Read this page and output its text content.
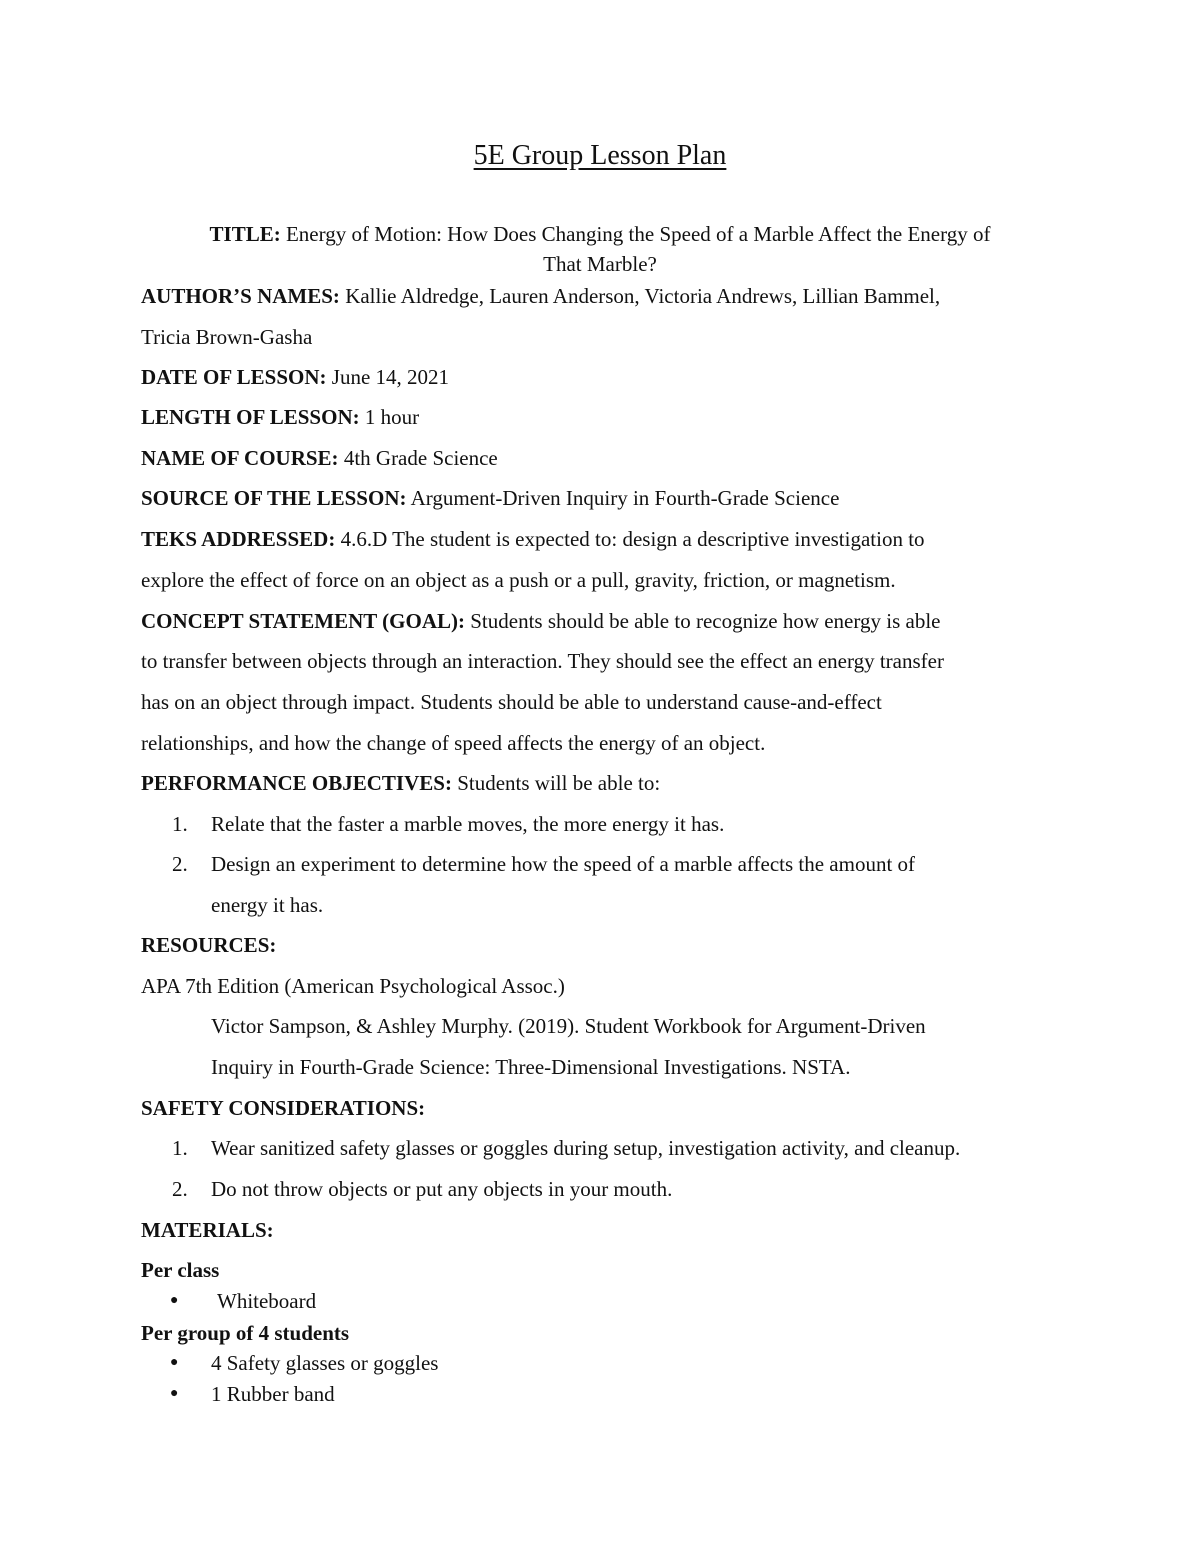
5E Group Lesson Plan
TITLE: Energy of Motion: How Does Changing the Speed of a Marble Affect the Energy of
That Marble?
AUTHOR’S NAMES: Kallie Aldredge, Lauren Anderson, Victoria Andrews, Lillian Bammel,
Tricia Brown-Gasha
DATE OF LESSON: June 14, 2021
LENGTH OF LESSON: 1 hour
NAME OF COURSE: 4th Grade Science
SOURCE OF THE LESSON: Argument-Driven Inquiry in Fourth-Grade Science
TEKS ADDRESSED: 4.6.D The student is expected to: design a descriptive investigation to
explore the effect of force on an object as a push or a pull, gravity, friction, or magnetism.
CONCEPT STATEMENT (GOAL): Students should be able to recognize how energy is able
to transfer between objects through an interaction. They should see the effect an energy transfer
has on an object through impact. Students should be able to understand cause-and-effect
relationships, and how the change of speed affects the energy of an object.
PERFORMANCE OBJECTIVES: Students will be able to:
1. Relate that the faster a marble moves, the more energy it has.
2. Design an experiment to determine how the speed of a marble affects the amount of
energy it has.
RESOURCES:
APA 7th Edition (American Psychological Assoc.)
Victor Sampson, & Ashley Murphy. (2019). Student Workbook for Argument-Driven
Inquiry in Fourth-Grade Science: Three-Dimensional Investigations. NSTA.
SAFETY CONSIDERATIONS:
1. Wear sanitized safety glasses or goggles during setup, investigation activity, and cleanup.
2. Do not throw objects or put any objects in your mouth.
MATERIALS:
Per class
● Whiteboard
Per group of 4 students
● 4 Safety glasses or goggles
● 1 Rubber band
